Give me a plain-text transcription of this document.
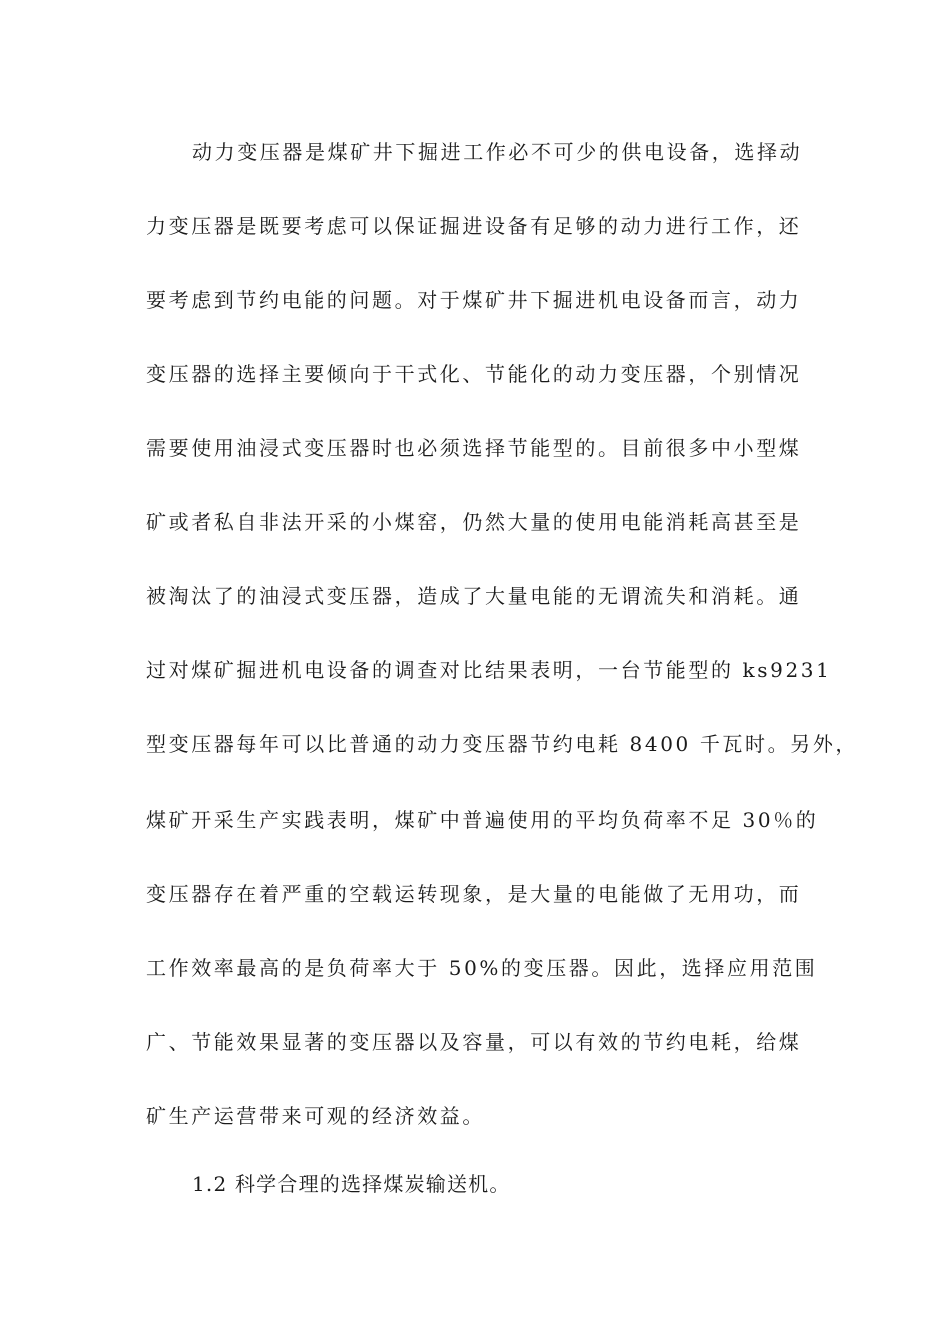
动力变压器是煤矿井下掘进工作必不可少的供电设备，选择动

力变压器是既要考虑可以保证掘进设备有足够的动力进行工作，还

要考虑到节约电能的问题。对于煤矿井下掘进机电设备而言，动力

变压器的选择主要倾向于干式化、节能化的动力变压器，个别情况

需要使用油浸式变压器时也必须选择节能型的。目前很多中小型煤

矿或者私自非法开采的小煤窑，仍然大量的使用电能消耗高甚至是

被淘汰了的油浸式变压器，造成了大量电能的无谓流失和消耗。通

过对煤矿掘进机电设备的调查对比结果表明，一台节能型的 ks9231

型变压器每年可以比普通的动力变压器节约电耗 8400 千瓦时。另外，

煤矿开采生产实践表明，煤矿中普遍使用的平均负荷率不足 30％的

变压器存在着严重的空载运转现象，是大量的电能做了无用功，而

工作效率最高的是负荷率大于 50%的变压器。因此，选择应用范围

广、节能效果显著的变压器以及容量，可以有效的节约电耗，给煤

矿生产运营带来可观的经济效益。

1.2 科学合理的选择煤炭输送机。
